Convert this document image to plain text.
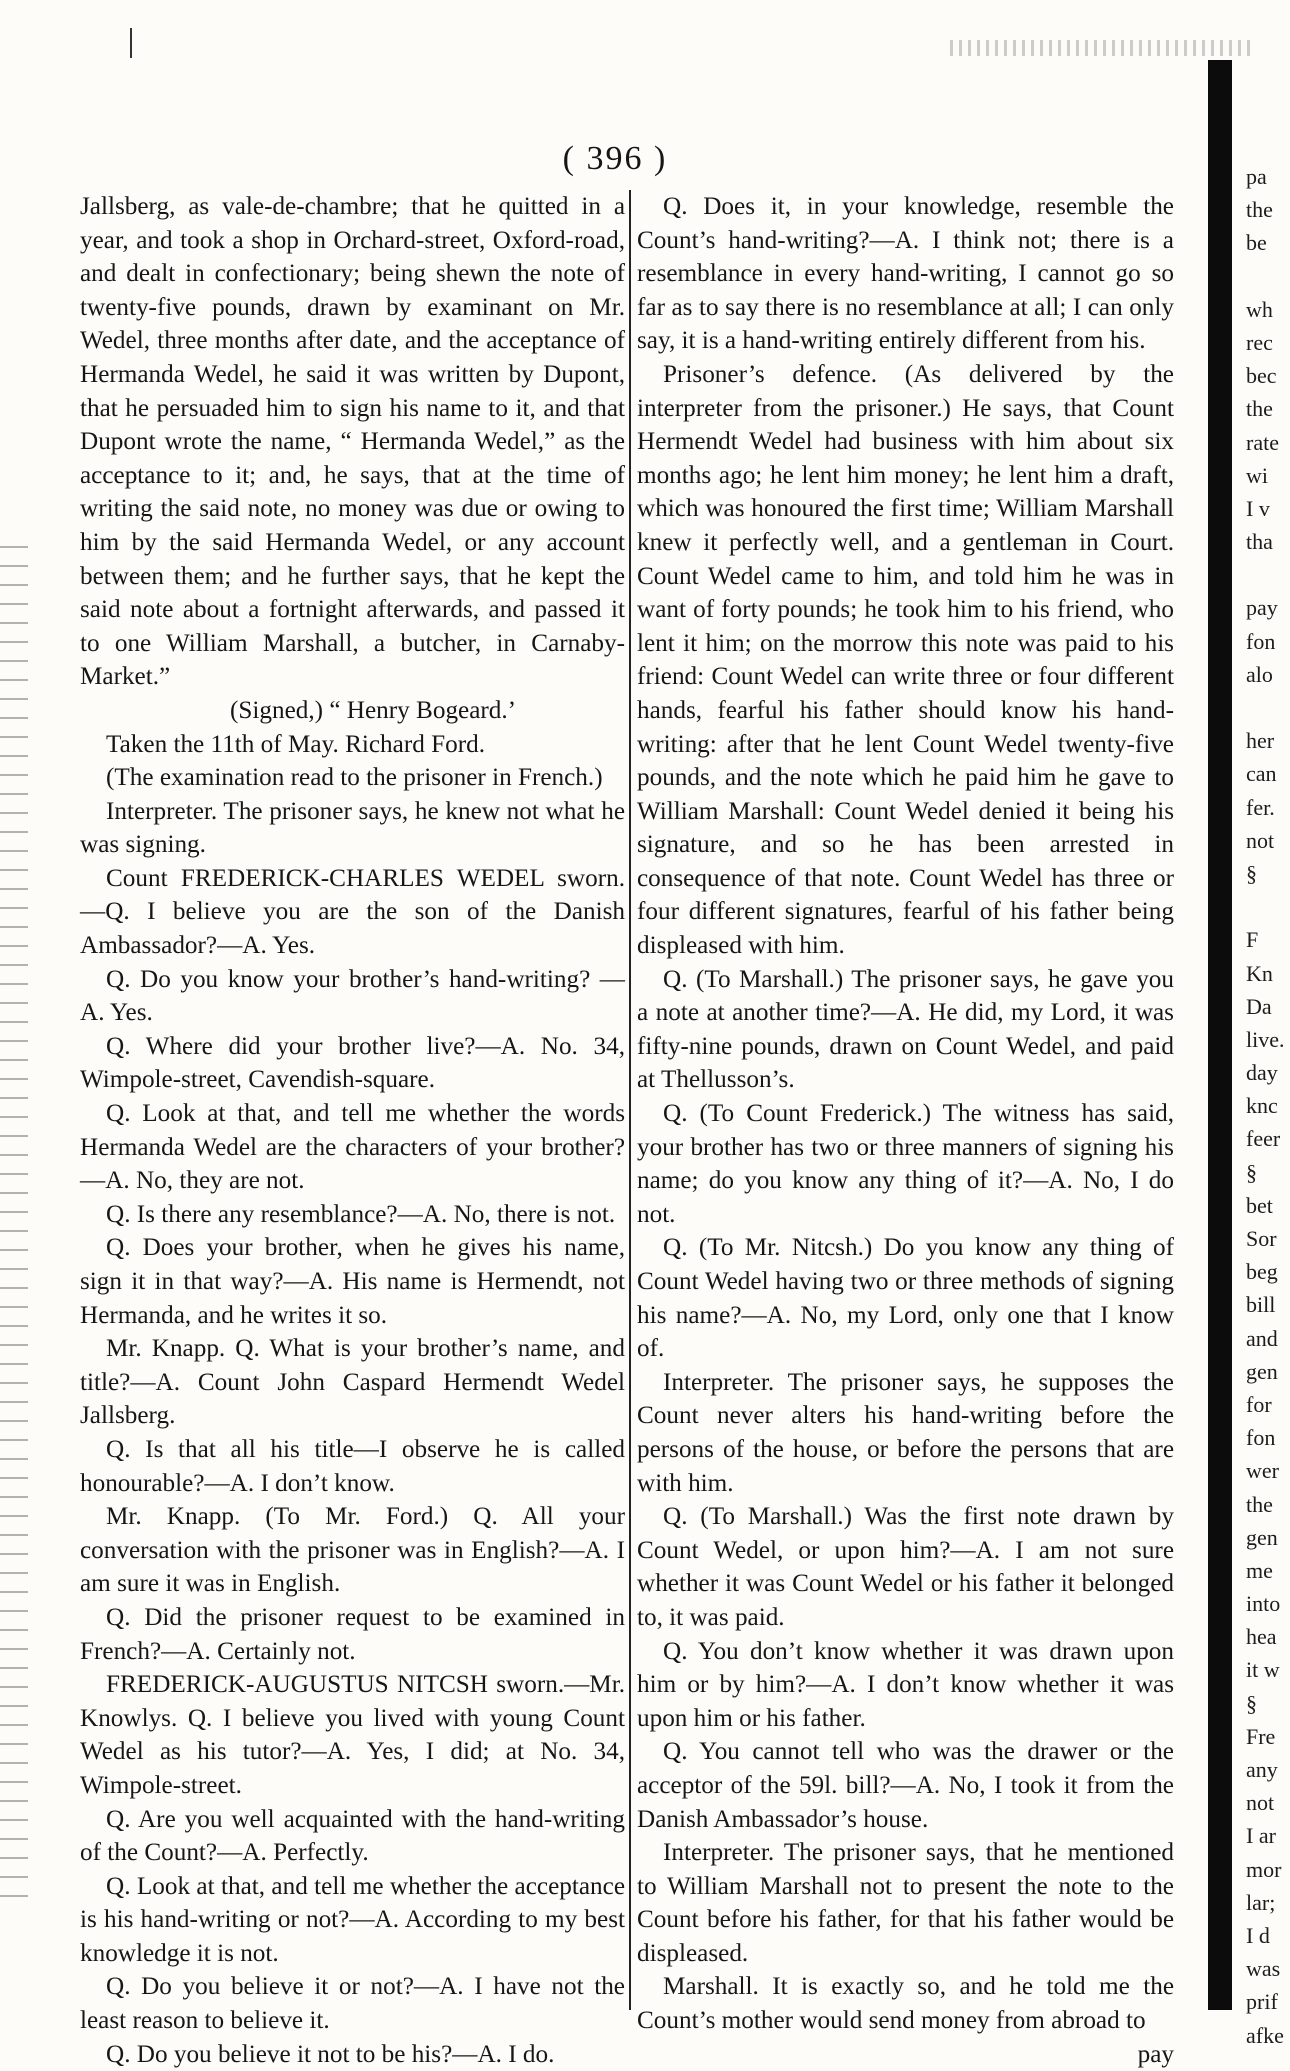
( 396 )

Jallsberg, as vale-de-chambre; that he quitted in a year, and took a shop in Orchard-street, Oxford-road, and dealt in confectionary; being shewn the note of twenty-five pounds, drawn by examinant on Mr. Wedel, three months after date, and the acceptance of Hermanda Wedel, he said it was written by Dupont, that he persuaded him to sign his name to it, and that Dupont wrote the name, “ Hermanda Wedel,” as the acceptance to it; and, he says, that at the time of writing the said note, no money was due or owing to him by the said Hermanda Wedel, or any account between them; and he further says, that he kept the said note about a fortnight afterwards, and passed it to one William Marshall, a butcher, in Carnaby-Market.”

(Signed,) “ Henry Bogeard.’

Taken the 11th of May. Richard Ford.

(The examination read to the prisoner in French.)

Interpreter. The prisoner says, he knew not what he was signing.

Count FREDERICK-CHARLES WEDEL sworn. —Q. I believe you are the son of the Danish Ambassador?—A. Yes.

Q. Do you know your brother’s hand-writing? —A. Yes.

Q. Where did your brother live?—A. No. 34, Wimpole-street, Cavendish-square.

Q. Look at that, and tell me whether the words Hermanda Wedel are the characters of your brother?—A. No, they are not.

Q. Is there any resemblance?—A. No, there is not.

Q. Does your brother, when he gives his name, sign it in that way?—A. His name is Hermendt, not Hermanda, and he writes it so.

Mr. Knapp. Q. What is your brother’s name, and title?—A. Count John Caspard Hermendt Wedel Jallsberg.

Q. Is that all his title—I observe he is called honourable?—A. I don’t know.

Mr. Knapp. (To Mr. Ford.) Q. All your conversation with the prisoner was in English?—A. I am sure it was in English.

Q. Did the prisoner request to be examined in French?—A. Certainly not.

FREDERICK-AUGUSTUS NITCSH sworn.—Mr. Knowlys. Q. I believe you lived with young Count Wedel as his tutor?—A. Yes, I did; at No. 34, Wimpole-street.

Q. Are you well acquainted with the hand-writing of the Count?—A. Perfectly.

Q. Look at that, and tell me whether the acceptance is his hand-writing or not?—A. According to my best knowledge it is not.

Q. Do you believe it or not?—A. I have not the least reason to believe it.

Q. Do you believe it not to be his?—A. I do.

Q. Does it, in your knowledge, resemble the Count’s hand-writing?—A. I think not; there is a resemblance in every hand-writing, I cannot go so far as to say there is no resemblance at all; I can only say, it is a hand-writing entirely different from his.

Prisoner’s defence. (As delivered by the interpreter from the prisoner.) He says, that Count Hermendt Wedel had business with him about six months ago; he lent him money; he lent him a draft, which was honoured the first time; William Marshall knew it perfectly well, and a gentleman in Court. Count Wedel came to him, and told him he was in want of forty pounds; he took him to his friend, who lent it him; on the morrow this note was paid to his friend: Count Wedel can write three or four different hands, fearful his father should know his hand-writing: after that he lent Count Wedel twenty-five pounds, and the note which he paid him he gave to William Marshall: Count Wedel denied it being his signature, and so he has been arrested in consequence of that note. Count Wedel has three or four different signatures, fearful of his father being displeased with him.

Q. (To Marshall.) The prisoner says, he gave you a note at another time?—A. He did, my Lord, it was fifty-nine pounds, drawn on Count Wedel, and paid at Thellusson’s.

Q. (To Count Frederick.) The witness has said, your brother has two or three manners of signing his name; do you know any thing of it?—A. No, I do not.

Q. (To Mr. Nitcsh.) Do you know any thing of Count Wedel having two or three methods of signing his name?—A. No, my Lord, only one that I know of.

Interpreter. The prisoner says, he supposes the Count never alters his hand-writing before the persons of the house, or before the persons that are with him.

Q. (To Marshall.) Was the first note drawn by Count Wedel, or upon him?—A. I am not sure whether it was Count Wedel or his father it belonged to, it was paid.

Q. You don’t know whether it was drawn upon him or by him?—A. I don’t know whether it was upon him or his father.

Q. You cannot tell who was the drawer or the acceptor of the 59l. bill?—A. No, I took it from the Danish Ambassador’s house.

Interpreter. The prisoner says, that he mentioned to William Marshall not to present the note to the Count before his father, for that his father would be displeased.

Marshall. It is exactly so, and he told me the Count’s mother would send money from abroad to

pay

pa
the
be
wh
rec
bec
the
rate
wi
I v
tha
pay
fon
alo
her
can
fer.
not
§
F
Kn
Da
live.
day
knc
feer
§
bet
Sor
beg
bill
and
gen
for
fon
wer
the
gen
me
into
hea
it w
§
Fre
any
not
I ar
mor
lar;
I d
was
prif
afke
